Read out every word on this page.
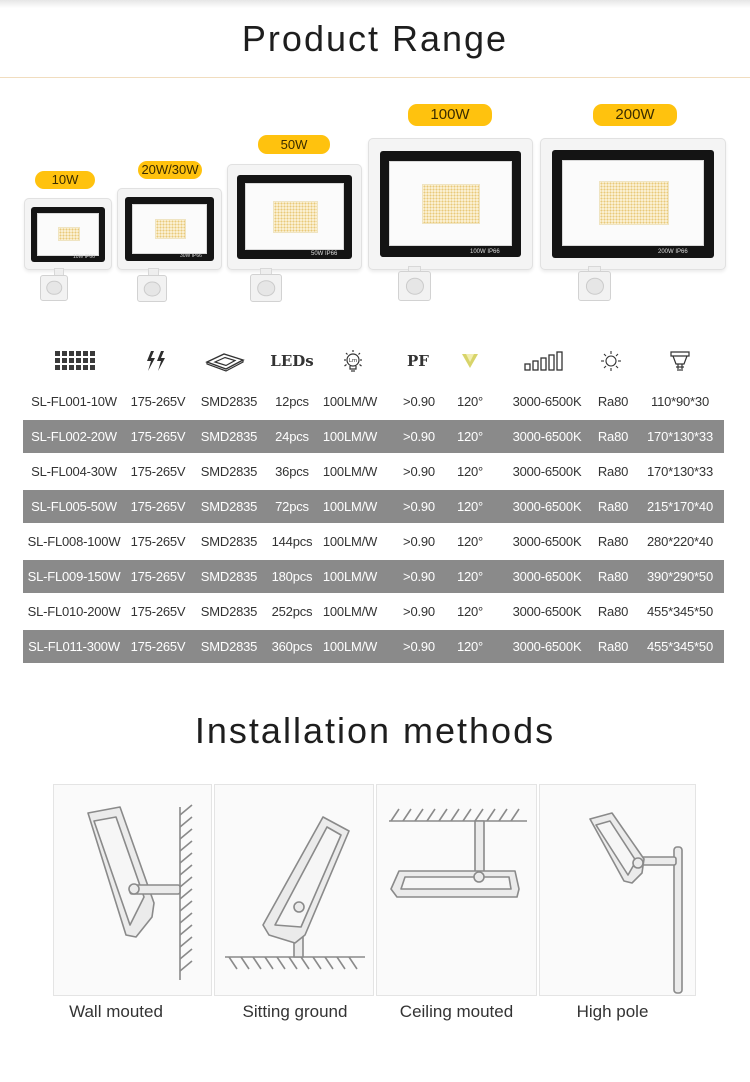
Product Range
10W
10W IP66
20W/30W
30W IP66
50W
50W IP66
100W
100W IP66
200W
200W IP66
LEDs	Lm	PF
SL-FL001-10W	175-265V	SMD2835	12pcs	100LM/W	>0.90	120°	3000-6500K	Ra80	110*90*30
SL-FL002-20W	175-265V	SMD2835	24pcs	100LM/W	>0.90	120°	3000-6500K	Ra80	170*130*33
SL-FL004-30W	175-265V	SMD2835	36pcs	100LM/W	>0.90	120°	3000-6500K	Ra80	170*130*33
SL-FL005-50W	175-265V	SMD2835	72pcs	100LM/W	>0.90	120°	3000-6500K	Ra80	215*170*40
SL-FL008-100W 175-265V	SMD2835	144pcs 100LM/W	>0.90	120°	3000-6500K	Ra80	280*220*40
SL-FL009-150W 175-265V	SMD2835	180pcs 100LM/W	>0.90	120°	3000-6500K	Ra80	390*290*50
SL-FL010-200W 175-265V	SMD2835	252pcs 100LM/W	>0.90	120°	3000-6500K	Ra80	455*345*50
SL-FL011-300W 175-265V	SMD2835	360pcs 100LM/W	>0.90	120°	3000-6500K	Ra80	455*345*50
Installation methods
Wall mouted	Sitting ground	Ceiling mouted	High pole
